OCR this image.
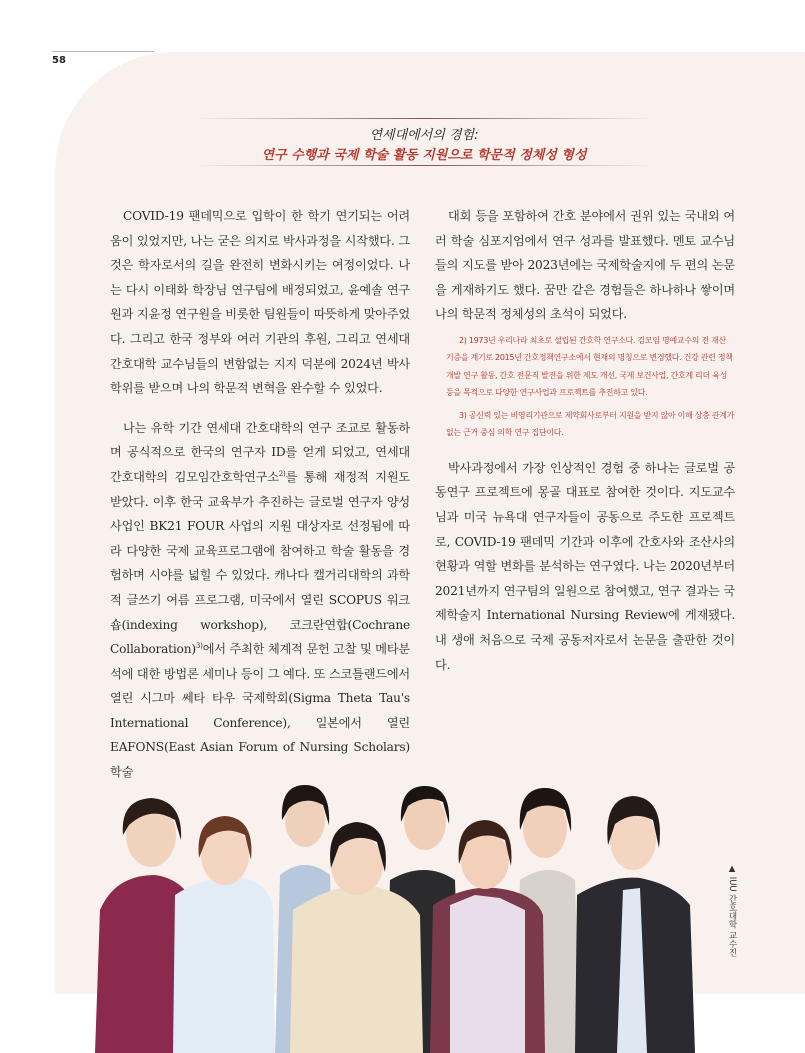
58
연세대에서의 경험:
연구 수행과 국제 학술 활동 지원으로 학문적 정체성 형성

COVID-19 팬데믹으로 입학이 한 학기 연기되는 어려움이 있었지만, 나는 굳은 의지로 박사과정을 시작했다. 그것은 학자로서의 길을 완전히 변화시키는 여정이었다. 나는 다시 이태화 학장님 연구팀에 배정되었고, 윤예솔 연구원과 지윤정 연구원을 비롯한 팀원들이 따뜻하게 맞아주었다. 그리고 한국 정부와 여러 기관의 후원, 그리고 연세대 간호대학 교수님들의 변함없는 지지 덕분에 2024년 박사학위를 받으며 나의 학문적 변혁을 완수할 수 있었다.

나는 유학 기간 연세대 간호대학의 연구 조교로 활동하며 공식적으로 한국의 연구자 ID를 얻게 되었고, 연세대 간호대학의 김모임간호학연구소$^{2)}$를 통해 재정적 지원도 받았다. 이후 한국 교육부가 추진하는 글로벌 연구자 양성 사업인 BK21 FOUR 사업의 지원 대상자로 선정됨에 따라 다양한 국제 교육프로그램에 참여하고 학술 활동을 경험하며 시야를 넓힐 수 있었다. 캐나다 캘거리대학의 과학적 글쓰기 여름 프로그램, 미국에서 열린 SCOPUS 워크숍(indexing workshop), 코크란연합(Cochrane Collaboration)$^{3)}$에서 주최한 체계적 문헌 고찰 및 메타분석에 대한 방법론 세미나 등이 그 예다. 또 스코틀랜드에서 열린 시그마 쎄타 타우 국제학회(Sigma Theta Tau's International Conference), 일본에서 열린 EAFONS(East Asian Forum of Nursing Scholars) 학술

대회 등을 포함하여 간호 분야에서 권위 있는 국내외 여러 학술 심포지엄에서 연구 성과를 발표했다. 멘토 교수님들의 지도를 받아 2023년에는 국제학술지에 두 편의 논문을 게재하기도 했다. 꿈만 같은 경험들은 하나하나 쌓이며 나의 학문적 정체성의 초석이 되었다.

2) 1973년 우리나라 최초로 설립된 간호학 연구소다. 김모임 명예교수의 전 재산 기증을 계기로 2015년 간호정책연구소에서 현재의 명칭으로 변경했다. 건강 관련 정책개발 연구 활동, 간호 전문직 발전을 위한 제도 개선, 국제 보건사업, 간호계 리더 육성 등을 목적으로 다양한 연구사업과 프로젝트를 추진하고 있다.

3) 공신력 있는 비영리기관으로 제약회사로부터 지원을 받지 않아 이해 상충 관계가 없는 근거 중심 의학 연구 집단이다.

박사과정에서 가장 인상적인 경험 중 하나는 글로벌 공동연구 프로젝트에 몽골 대표로 참여한 것이다. 지도교수님과 미국 뉴욕대 연구자들이 공동으로 주도한 프로젝트로, COVID-19 팬데믹 기간과 이후에 간호사와 조산사의 현황과 역할 변화를 분석하는 연구였다. 나는 2020년부터 2021년까지 연구팀의 일원으로 참여했고, 연구 결과는 국제학술지 International Nursing Review에 게재됐다. 내 생애 처음으로 국제 공동저자로서 논문을 출판한 것이다.

▲ IUU 간호대학 교수진
